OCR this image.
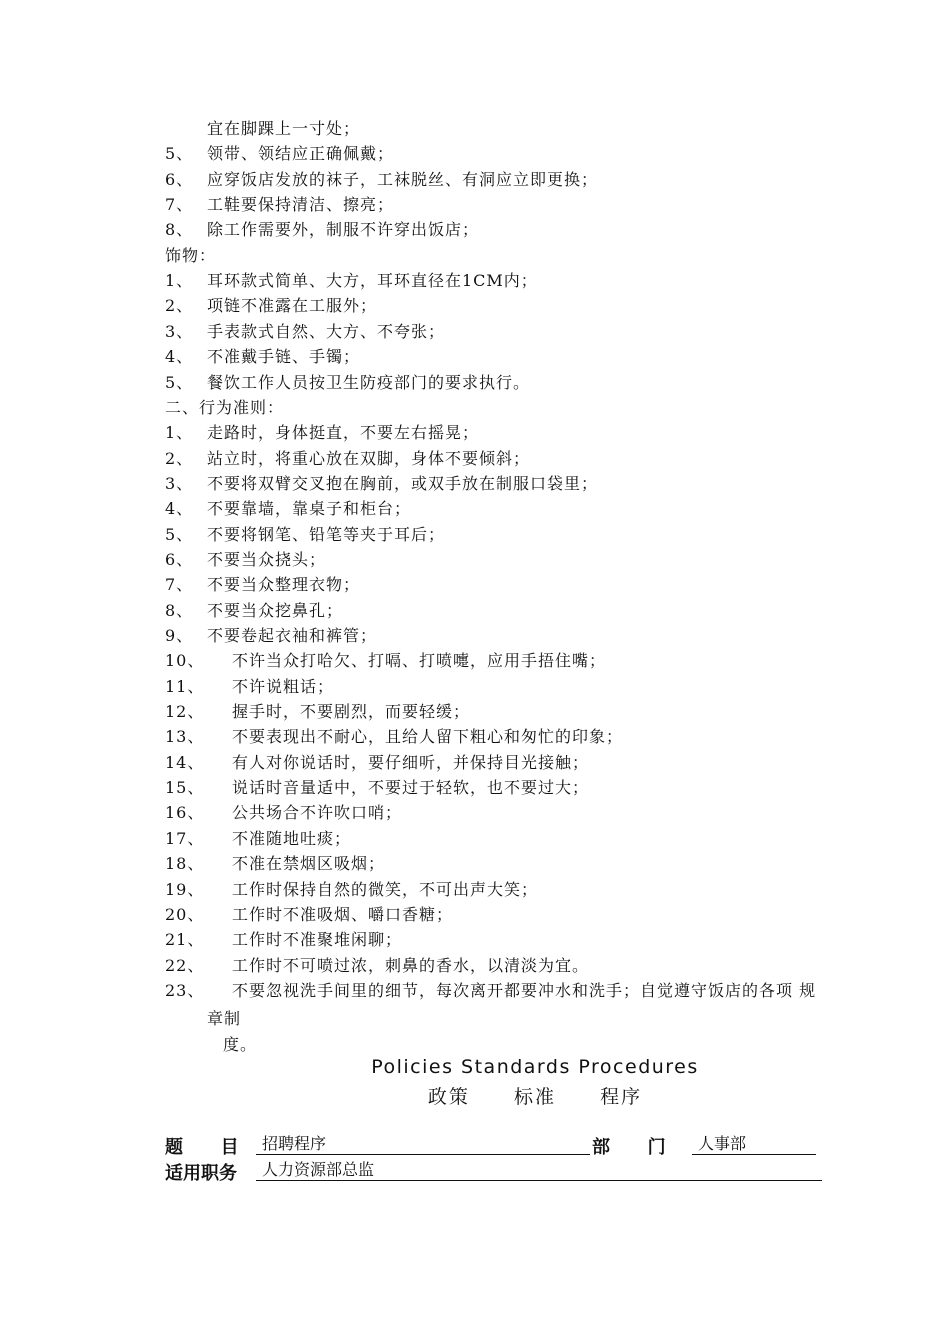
宜在脚踝上一寸处；
5、 领带、领结应正确佩戴；
6、 应穿饭店发放的袜子，工袜脱丝、有洞应立即更换；
7、 工鞋要保持清洁、擦亮；
8、 除工作需要外，制服不许穿出饭店；
饰物：
1、 耳环款式简单、大方，耳环直径在1CM内；
2、 项链不准露在工服外；
3、 手表款式自然、大方、不夸张；
4、 不准戴手链、手镯；
5、 餐饮工作人员按卫生防疫部门的要求执行。
二、行为准则：
1、 走路时，身体挺直，不要左右摇晃；
2、 站立时，将重心放在双脚，身体不要倾斜；
3、 不要将双臂交叉抱在胸前，或双手放在制服口袋里；
4、 不要靠墙，靠桌子和柜台；
5、 不要将钢笔、铅笔等夹于耳后；
6、 不要当众挠头；
7、 不要当众整理衣物；
8、 不要当众挖鼻孔；
9、 不要卷起衣袖和裤管；
10、 不许当众打哈欠、打嗝、打喷嚏，应用手捂住嘴；
11、 不许说粗话；
12、 握手时，不要剧烈，而要轻缓；
13、 不要表现出不耐心，且给人留下粗心和匆忙的印象；
14、 有人对你说话时，要仔细听，并保持目光接触；
15、 说话时音量适中，不要过于轻软，也不要过大；
16、 公共场合不许吹口哨；
17、 不准随地吐痰；
18、 不准在禁烟区吸烟；
19、 工作时保持自然的微笑，不可出声大笑；
20、 工作时不准吸烟、嚼口香糖；
21、 工作时不准聚堆闲聊；
22、 工作时不可喷过浓，刺鼻的香水，以清淡为宜。
23、 不要忽视洗手间里的细节，每次离开都要冲水和洗手；自觉遵守饭店的各项 规
章制
度。
Policies Standards Procedures
政策  标准  程序
题      目	招聘程序	部      门	人事部
适用职务	人力资源部总监
